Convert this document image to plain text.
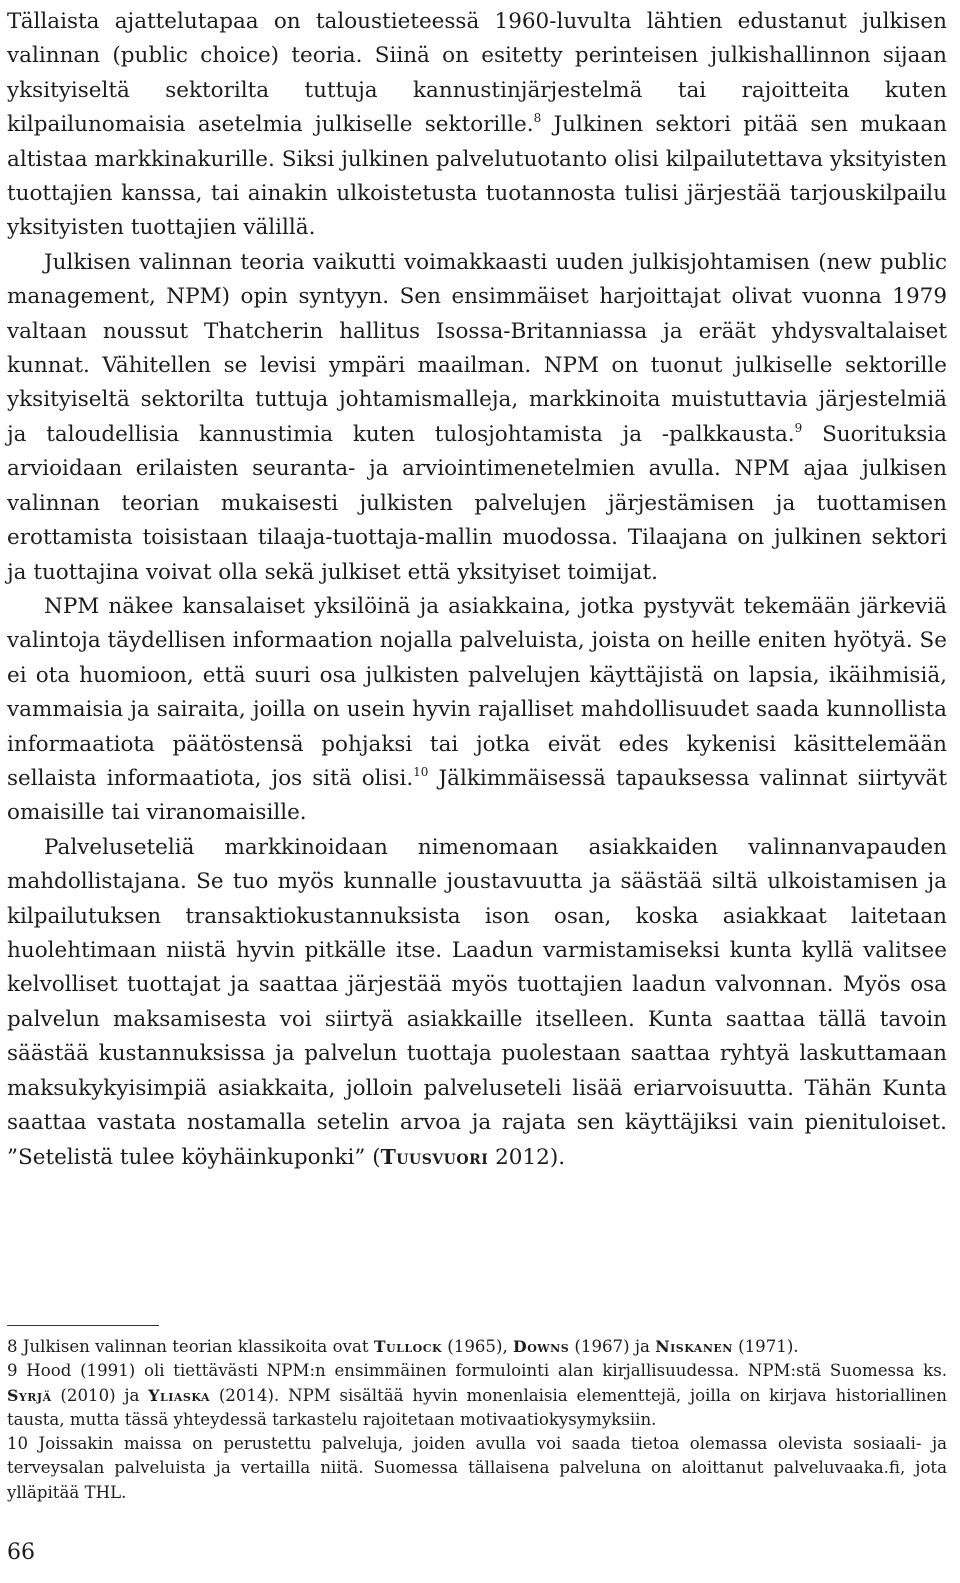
Tällaista ajattelutapaa on taloustieteessä 1960-luvulta lähtien edustanut julkisen valinnan (public choice) teoria. Siinä on esitetty perinteisen julkishallinnon sijaan yksityiseltä sektorilta tuttuja kannustinjärjestelmä tai rajoitteita kuten kilpailunomaisia asetelmia julkiselle sektorille.$^8$ Julkinen sektori pitää sen mukaan altistaa markkinakurille. Siksi julkinen palvelutuotanto olisi kilpailutettava yksityisten tuottajien kanssa, tai ainakin ulkoistetusta tuotannosta tulisi järjestää tarjouskilpailu yksityisten tuottajien välillä.

Julkisen valinnan teoria vaikutti voimakkaasti uuden julkisjohtamisen (new public management, NPM) opin syntyyn. Sen ensimmäiset harjoittajat olivat vuonna 1979 valtaan noussut Thatcherin hallitus Isossa-Britanniassa ja eräät yhdysvaltalaiset kunnat. Vähitellen se levisi ympäri maailman. NPM on tuonut julkiselle sektorille yksityiseltä sektorilta tuttuja johtamismalleja, markkinoita muistuttavia järjestelmiä ja taloudellisia kannustimia kuten tulosjohtamista ja -palkkausta.$^9$ Suorituksia arvioidaan erilaisten seuranta- ja arviointimenetelmien avulla. NPM ajaa julkisen valinnan teorian mukaisesti julkisten palvelujen järjestämisen ja tuottamisen erottamista toisistaan tilaaja-tuottaja-mallin muodossa. Tilaajana on julkinen sektori ja tuottajina voivat olla sekä julkiset että yksityiset toimijat.

NPM näkee kansalaiset yksilöinä ja asiakkaina, jotka pystyvät tekemään järkeviä valintoja täydellisen informaation nojalla palveluista, joista on heille eniten hyötyä. Se ei ota huomioon, että suuri osa julkisten palvelujen käyttäjistä on lapsia, ikäihmisiä, vammaisia ja sairaita, joilla on usein hyvin rajalliset mahdollisuudet saada kunnollista informaatiota päätöstensä pohjaksi tai jotka eivät edes kykenisi käsittelemään sellaista informaatiota, jos sitä olisi.$^{10}$ Jälkimmäisessä tapauksessa valinnat siirtyvät omaisille tai viranomaisille.

Palveluseteliä markkinoidaan nimenomaan asiakkaiden valinnanvapauden mahdollistajana. Se tuo myös kunnalle joustavuutta ja säästää siltä ulkoistamisen ja kilpailutuksen transaktiokustannuksista ison osan, koska asiakkaat laitetaan huolehtimaan niistä hyvin pitkälle itse. Laadun varmistamiseksi kunta kyllä valitsee kelvolliset tuottajat ja saattaa järjestää myös tuottajien laadun valvonnan. Myös osa palvelun maksamisesta voi siirtyä asiakkaille itselleen. Kunta saattaa tällä tavoin säästää kustannuksissa ja palvelun tuottaja puolestaan saattaa ryhtyä laskuttamaan maksukykyisimpiä asiakkaita, jolloin palveluseteli lisää eriarvoisuutta. Tähän Kunta saattaa vastata nostamalla setelin arvoa ja rajata sen käyttäjiksi vain pienituloiset. ”Setelistä tulee köyhäinkuponki” (Tuusvuori 2012).

8 Julkisen valinnan teorian klassikoita ovat Tullock (1965), Downs (1967) ja Niskanen (1971).

9 Hood (1991) oli tiettävästi NPM:n ensimmäinen formulointi alan kirjallisuudessa. NPM:stä Suomessa ks. Syrjä (2010) ja Yliaska (2014). NPM sisältää hyvin monenlaisia elementtejä, joilla on kirjava historiallinen tausta, mutta tässä yhteydessä tarkastelu rajoitetaan motivaatiokysymyksiin.

10 Joissakin maissa on perustettu palveluja, joiden avulla voi saada tietoa olemassa olevista sosiaali- ja terveysalan palveluista ja vertailla niitä. Suomessa tällaisena palveluna on aloittanut palveluvaaka.fi, jota ylläpitää THL.

66
